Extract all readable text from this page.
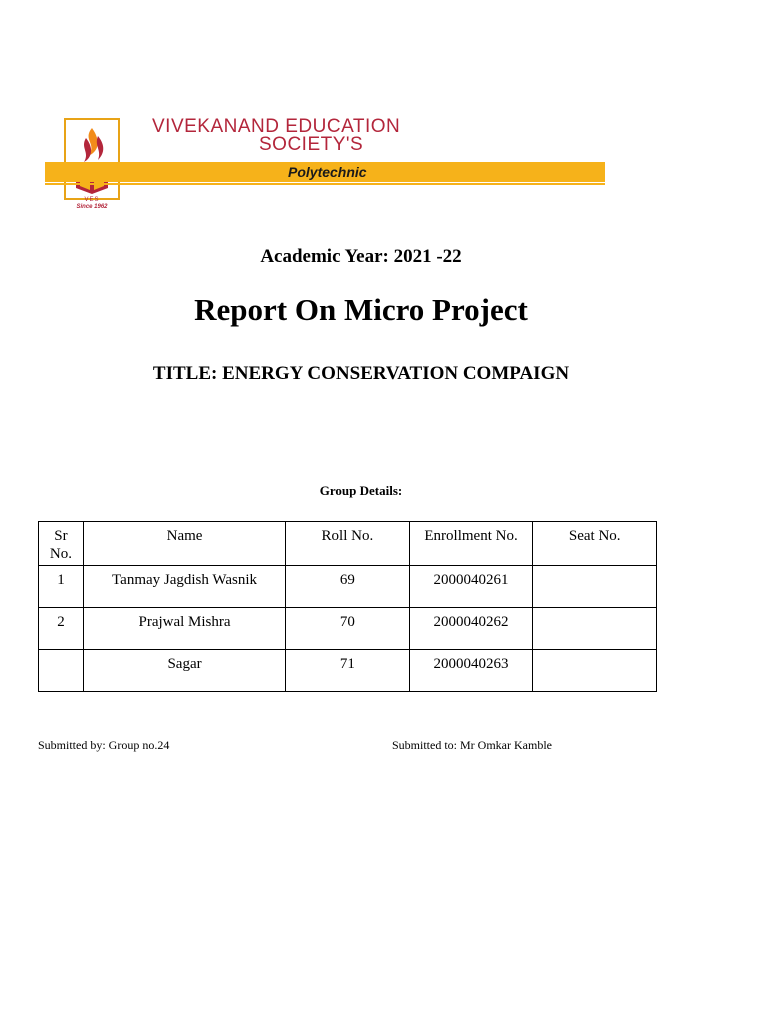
VES
Since 1962
VIVEKANAND EDUCATION
SOCIETY'S
Polytechnic
Academic Year: 2021 -22
Report On Micro Project
TITLE: ENERGY CONSERVATION COMPAIGN
Group Details:
Sr No.	Name	Roll No.	Enrollment No.	Seat No.
1	Tanmay Jagdish Wasnik	69	2000040261	
2	Prajwal Mishra	70	2000040262	
	Sagar	71	2000040263	
Submitted by: Group no.24	Submitted to: Mr Omkar Kamble
